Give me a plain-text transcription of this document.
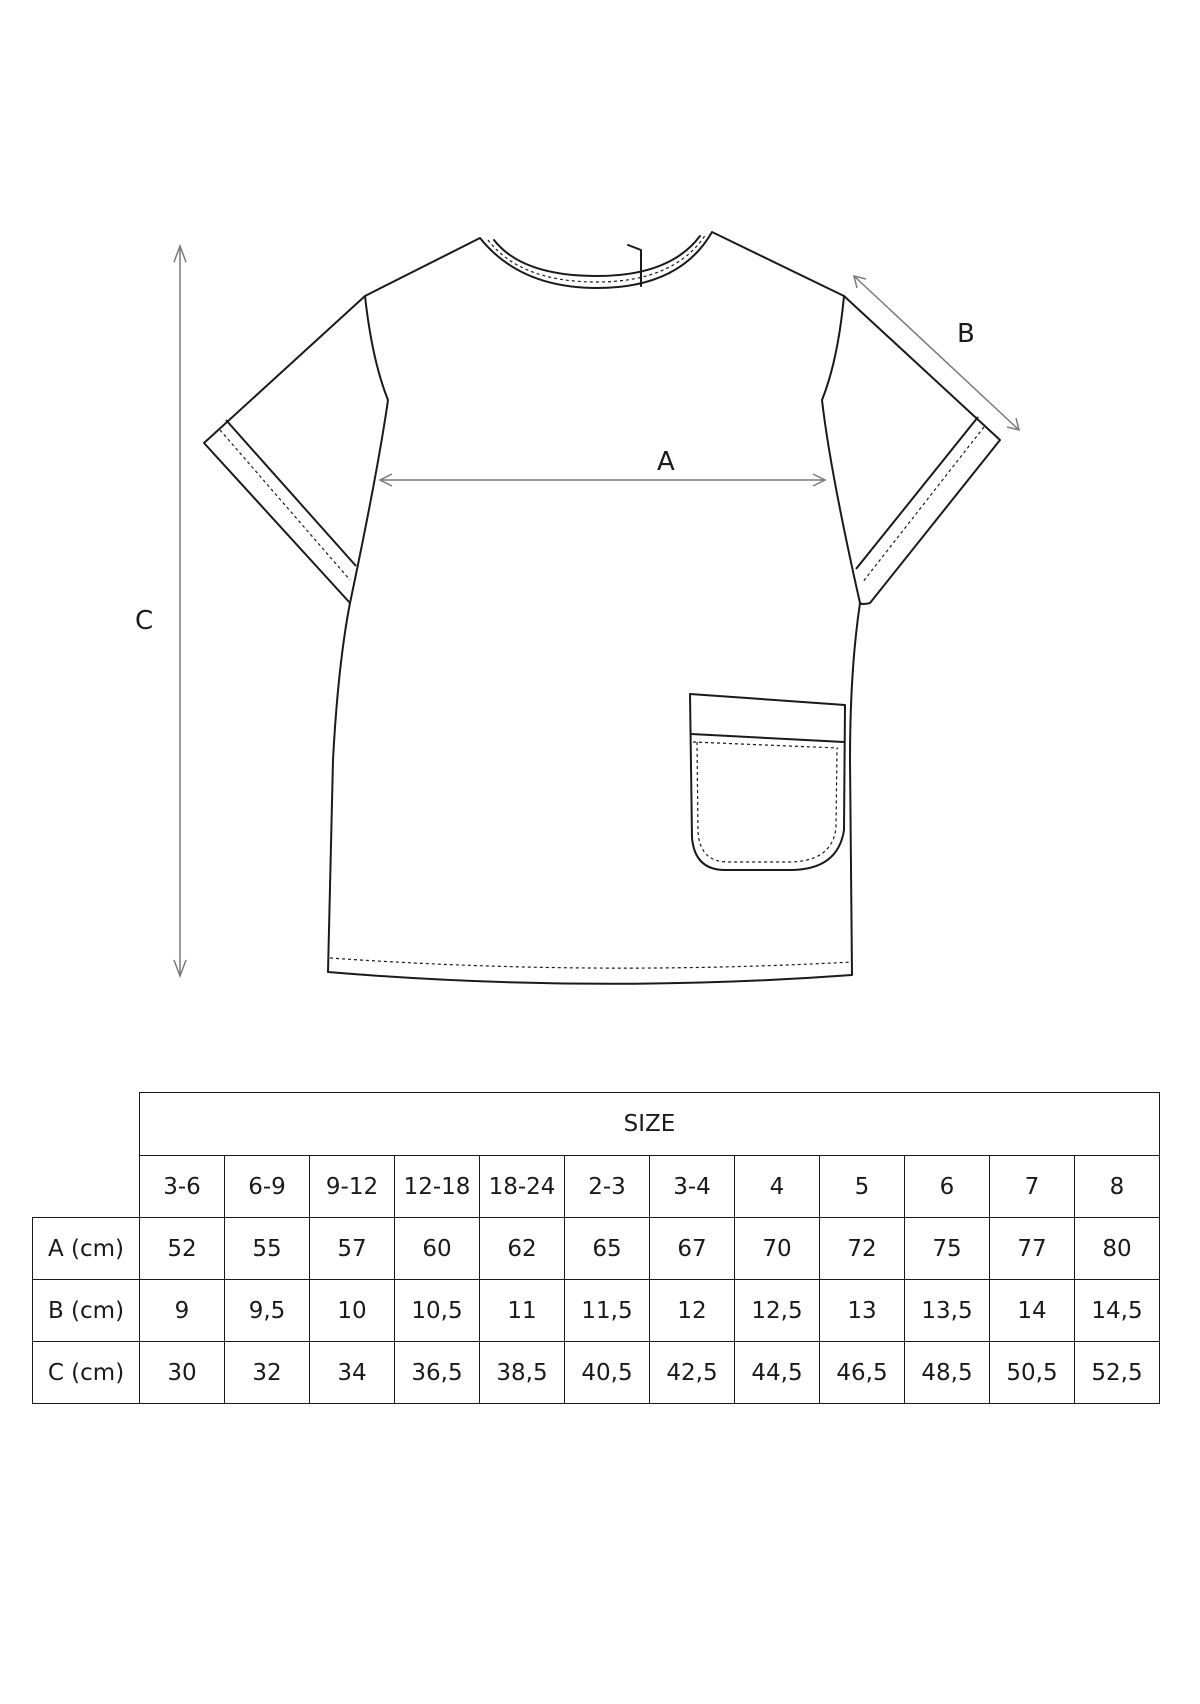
A
B
C
	SIZE											
	3-6	6-9	9-12	12-18	18-24	2-3	3-4	4	5	6	7	8
A (cm)	52	55	57	60	62	65	67	70	72	75	77	80
B (cm)	9	9,5	10	10,5	11	11,5	12	12,5	13	13,5	14	14,5
C (cm)	30	32	34	36,5	38,5	40,5	42,5	44,5	46,5	48,5	50,5	52,5
